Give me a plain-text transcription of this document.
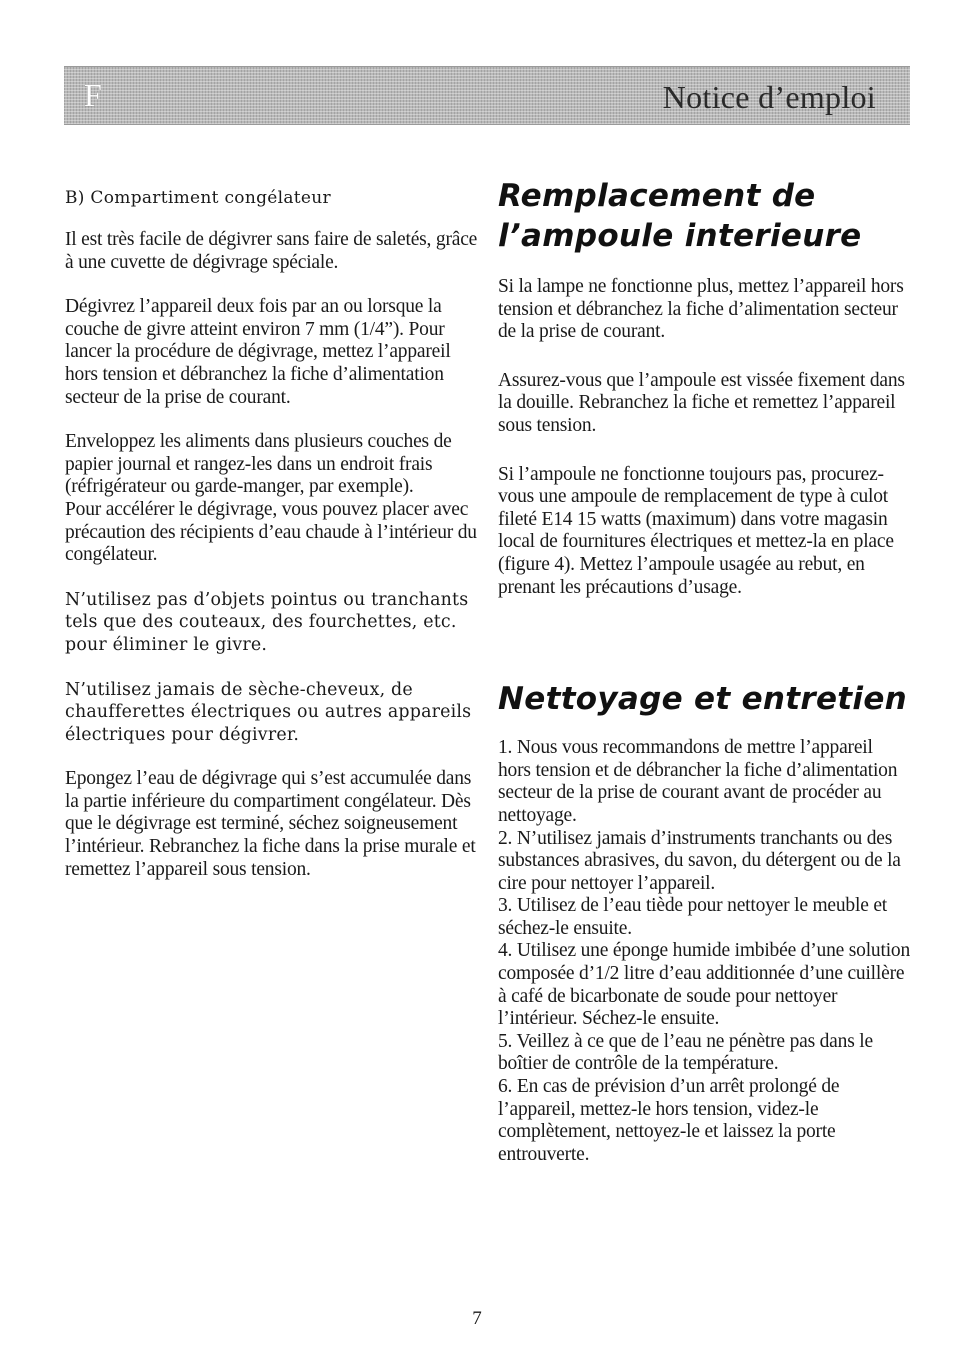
F	Notice d’emploi
B) Compartiment congélateur

Il est très facile de dégivrer sans faire de saletés, grâce à une cuvette de dégivrage spéciale.

Dégivrez l’appareil deux fois par an ou lorsque la couche de givre atteint environ 7 mm (1/4”). Pour lancer la procédure de dégivrage, mettez l’appareil hors tension et débranchez la fiche d’alimentation secteur de la prise de courant.

Enveloppez les aliments dans plusieurs couches de papier journal et rangez-les dans un endroit frais (réfrigérateur ou garde-manger, par exemple).

Pour accélérer le dégivrage, vous pouvez placer avec précaution des récipients d’eau chaude à l’intérieur du congélateur.

N’utilisez pas d’objets pointus ou tranchants tels que des couteaux, des fourchettes, etc. pour éliminer le givre.

N’utilisez jamais de sèche-cheveux, de chaufferettes électriques ou autres appareils électriques pour dégivrer.

Epongez l’eau de dégivrage qui s’est accumulée dans la partie inférieure du compartiment congélateur. Dès que le dégivrage est terminé, séchez soigneusement l’intérieur. Rebranchez la fiche dans la prise murale et remettez l’appareil sous tension.

Remplacement de
l’ampoule interieure

Si la lampe ne fonctionne plus, mettez l’appareil hors tension et débranchez la fiche d’alimentation secteur de la prise de courant.

Assurez-vous que l’ampoule est vissée fixement dans la douille. Rebranchez la fiche et remettez l’appareil sous tension.

Si l’ampoule ne fonctionne toujours pas, procurez-vous une ampoule de remplacement de type à culot fileté E14 15 watts (maximum) dans votre magasin local de fournitures électriques et mettez-la en place (figure 4). Mettez l’ampoule usagée au rebut, en prenant les précautions d’usage.

Nettoyage et entretien

1. Nous vous recommandons de mettre l’appareil hors tension et de débrancher la fiche d’alimentation secteur de la prise de courant avant de procéder au nettoyage.

2. N’utilisez jamais d’instruments tranchants ou des substances abrasives, du savon, du détergent ou de la cire pour nettoyer l’appareil.

3. Utilisez de l’eau tiède pour nettoyer le meuble et séchez-le ensuite.

4. Utilisez une éponge humide imbibée d’une solution composée d’1/2 litre d’eau additionnée d’une cuillère à café de bicarbonate de soude pour nettoyer l’intérieur. Séchez-le ensuite.

5. Veillez à ce que de l’eau ne pénètre pas dans le boîtier de contrôle de la température.

6. En cas de prévision d’un arrêt prolongé de l’appareil, mettez-le hors tension, videz-le complètement, nettoyez-le et laissez la porte entrouverte.

7
